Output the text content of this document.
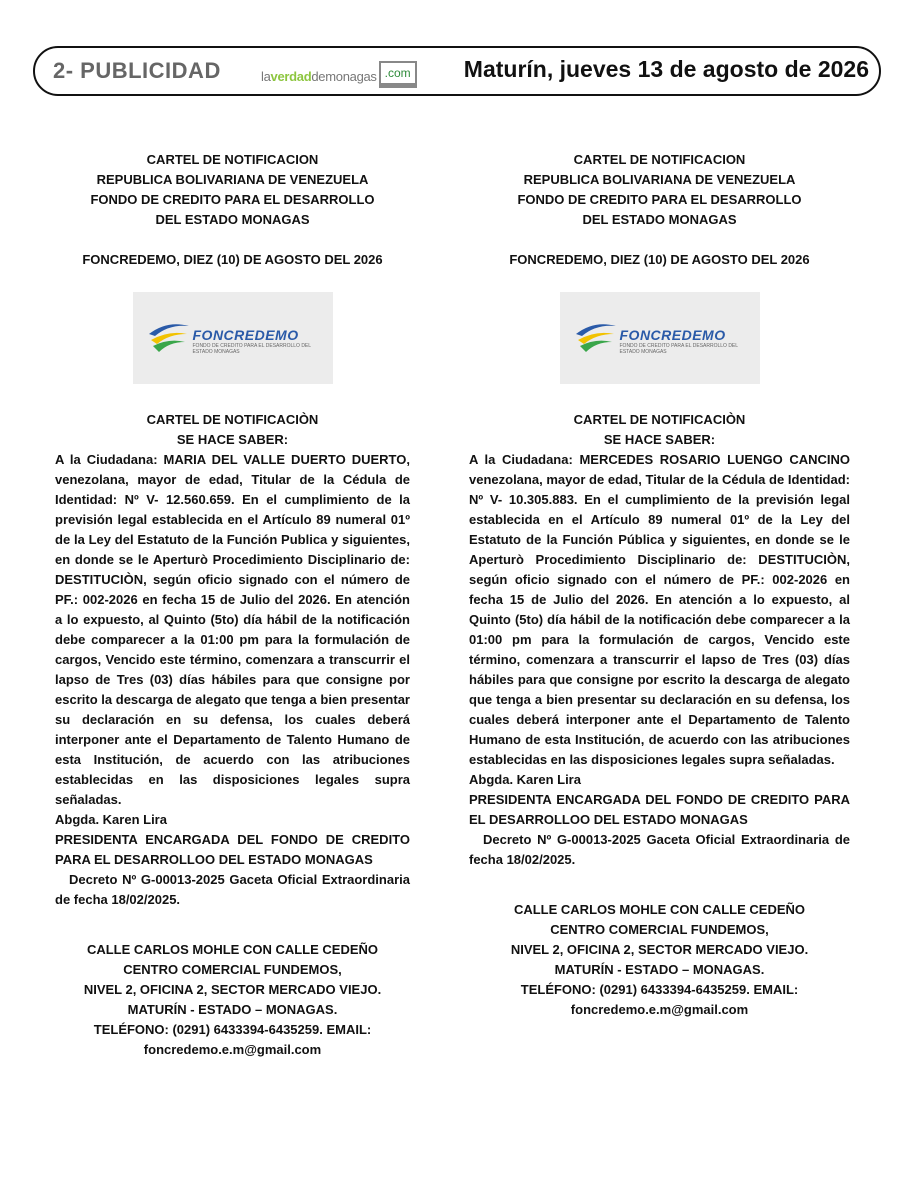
2- PUBLICIDAD	laverdaddemonagas .com Maturín, jueves 13 de agosto de 2026
CARTEL DE NOTIFICACION
REPUBLICA BOLIVARIANA DE VENEZUELA
FONDO DE CREDITO PARA EL DESARROLLO
DEL ESTADO MONAGAS
FONCREDEMO, DIEZ (10) DE AGOSTO DEL 2026
FONCREDEMO
FONDO DE CREDITO PARA EL DESARROLLO DEL ESTADO MONAGAS
CARTEL DE NOTIFICACIÒN
SE HACE SABER:
A la Ciudadana: MARIA DEL VALLE DUERTO DUERTO, venezolana, mayor de edad, Titular de la Cédula de Identidad: Nº V- 12.560.659. En el cumplimiento de la previsión legal establecida en el Artículo 89 numeral 01º de la Ley del Estatuto de la Función Publica y siguientes, en donde se le Aperturò Procedimiento Disciplinario de: DESTITUCIÒN, según oficio signado con el número de PF.: 002-2026 en fecha 15 de Julio del 2026. En atención a lo expuesto, al Quinto (5to) día hábil de la notificación debe comparecer a la 01:00 pm para la formulación de cargos, Vencido este término, comenzara a transcurrir el lapso de Tres (03) días hábiles para que consigne por escrito la descarga de alegato que tenga a bien presentar su declaración en su defensa, los cuales deberá interponer ante el Departamento de Talento Humano de esta Institución, de acuerdo con las atribuciones establecidas en las disposiciones legales supra señaladas.
Abgda. Karen Lira
PRESIDENTA ENCARGADA DEL FONDO DE CREDITO PARA EL DESARROLLOO DEL ESTADO MONAGAS
Decreto Nº G-00013-2025 Gaceta Oficial Extraordinaria de fecha 18/02/2025.
CALLE CARLOS MOHLE CON CALLE CEDEÑO
CENTRO COMERCIAL FUNDEMOS,
NIVEL 2, OFICINA 2, SECTOR MERCADO VIEJO.
MATURÍN - ESTADO – MONAGAS.
TELÉFONO: (0291) 6433394-6435259. EMAIL:
foncredemo.e.m@gmail.com
CARTEL DE NOTIFICACION
REPUBLICA BOLIVARIANA DE VENEZUELA
FONDO DE CREDITO PARA EL DESARROLLO
DEL ESTADO MONAGAS
FONCREDEMO, DIEZ (10) DE AGOSTO DEL 2026
FONCREDEMO
FONDO DE CREDITO PARA EL DESARROLLO DEL ESTADO MONAGAS
CARTEL DE NOTIFICACIÒN
SE HACE SABER:
A la Ciudadana: MERCEDES ROSARIO LUENGO CANCINO venezolana, mayor de edad, Titular de la Cédula de Identidad: Nº V- 10.305.883. En el cumplimiento de la previsión legal establecida en el Artículo 89 numeral 01º de la Ley del Estatuto de la Función Pública y siguientes, en donde se le Aperturò Procedimiento Disciplinario de: DESTITUCIÒN, según oficio signado con el número de PF.: 002-2026 en fecha 15 de Julio del 2026. En atención a lo expuesto, al Quinto (5to) día hábil de la notificación debe comparecer a la 01:00 pm para la formulación de cargos, Vencido este término, comenzara a transcurrir el lapso de Tres (03) días hábiles para que consigne por escrito la descarga de alegato que tenga a bien presentar su declaración en su defensa, los cuales deberá interponer ante el Departamento de Talento Humano de esta Institución, de acuerdo con las atribuciones establecidas en las disposiciones legales supra señaladas.
Abgda. Karen Lira
PRESIDENTA ENCARGADA DEL FONDO DE CREDITO PARA EL DESARROLLOO DEL ESTADO MONAGAS
Decreto Nº G-00013-2025 Gaceta Oficial Extraordinaria de fecha 18/02/2025.
CALLE CARLOS MOHLE CON CALLE CEDEÑO
CENTRO COMERCIAL FUNDEMOS,
NIVEL 2, OFICINA 2, SECTOR MERCADO VIEJO.
MATURÍN - ESTADO – MONAGAS.
TELÉFONO: (0291) 6433394-6435259. EMAIL:
foncredemo.e.m@gmail.com
